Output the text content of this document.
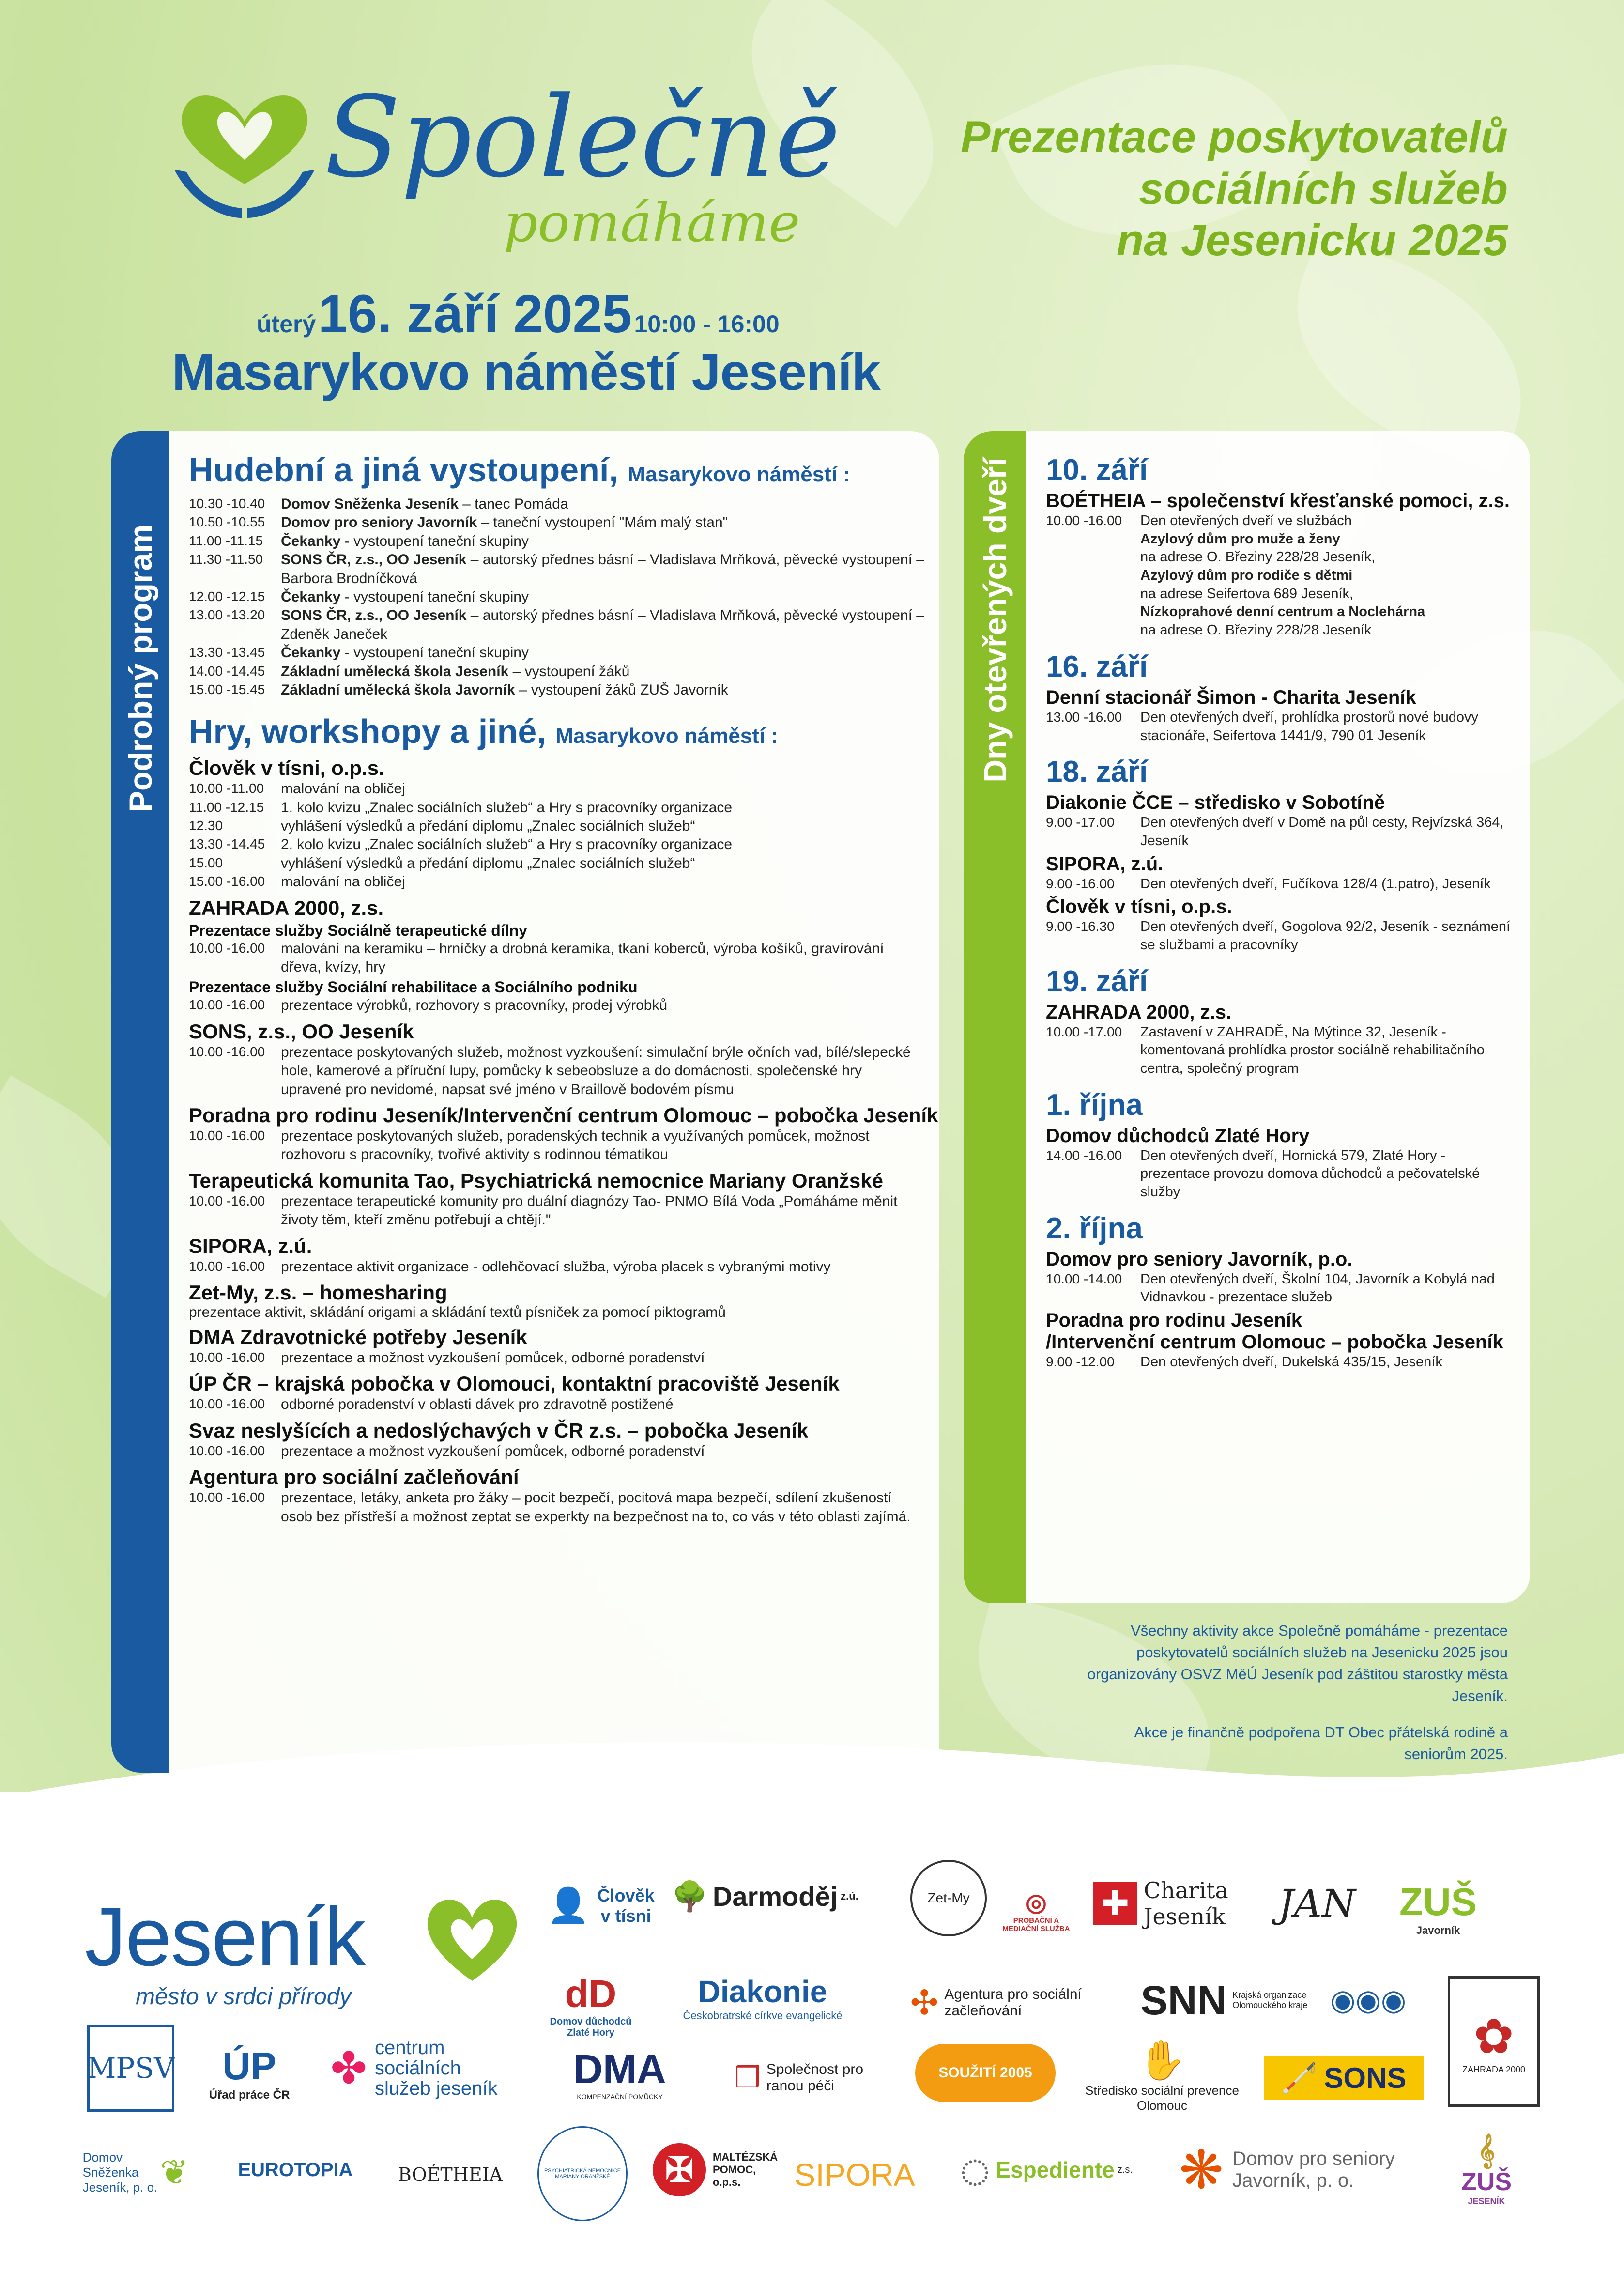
Společně
pomáháme
Prezentace poskytovatelů
sociálních služeb
na Jesenicku 2025
úterý 16. září 2025 10:00 - 16:00
Masarykovo náměstí Jeseník
Podrobný program
Hudební a jiná vystoupení, Masarykovo náměstí :
10.30 -10.40	Domov Sněženka Jeseník – tanec Pomáda
10.50 -10.55	Domov pro seniory Javorník – taneční vystoupení "Mám malý stan"
11.00 -11.15	Čekanky - vystoupení taneční skupiny
11.30 -11.50	SONS ČR, z.s., OO Jeseník – autorský přednes básní – Vladislava Mrňková, pěvecké vystoupení – Barbora Brodníčková
12.00 -12.15	Čekanky - vystoupení taneční skupiny
13.00 -13.20	SONS ČR, z.s., OO Jeseník – autorský přednes básní – Vladislava Mrňková, pěvecké vystoupení – Zdeněk Janeček
13.30 -13.45	Čekanky - vystoupení taneční skupiny
14.00 -14.45	Základní umělecká škola Jeseník – vystoupení žáků
15.00 -15.45	Základní umělecká škola Javorník – vystoupení žáků ZUŠ Javorník
Hry, workshopy a jiné, Masarykovo náměstí :
Člověk v tísni, o.p.s.
10.00 -11.00	malování na obličej
11.00 -12.15	1. kolo kvizu „Znalec sociálních služeb“ a Hry s pracovníky organizace
12.30	vyhlášení výsledků a předání diplomu „Znalec sociálních služeb“
13.30 -14.45	2. kolo kvizu „Znalec sociálních služeb“ a Hry s pracovníky organizace
15.00	vyhlášení výsledků a předání diplomu „Znalec sociálních služeb“
15.00 -16.00	malování na obličej
ZAHRADA 2000, z.s.
Prezentace služby Sociálně terapeutické dílny
10.00 -16.00	malování na keramiku – hrníčky a drobná keramika, tkaní koberců, výroba košíků, gravírování dřeva, kvízy, hry
Prezentace služby Sociální rehabilitace a Sociálního podniku
10.00 -16.00	prezentace výrobků, rozhovory s pracovníky, prodej výrobků
SONS, z.s., OO Jeseník
10.00 -16.00	prezentace poskytovaných služeb, možnost vyzkoušení: simulační brýle očních vad, bílé/slepecké hole, kamerové a příruční lupy, pomůcky k sebeobsluze a do domácnosti, společenské hry upravené pro nevidomé, napsat své jméno v Braillově bodovém písmu
Poradna pro rodinu Jeseník/Intervenční centrum Olomouc – pobočka Jeseník
10.00 -16.00	prezentace poskytovaných služeb, poradenských technik a využívaných pomůcek, možnost rozhovoru s pracovníky, tvořivé aktivity s rodinnou tématikou
Terapeutická komunita Tao, Psychiatrická nemocnice Mariany Oranžské
10.00 -16.00	prezentace terapeutické komunity pro duální diagnózy Tao- PNMO Bílá Voda „Pomáháme měnit životy těm, kteří změnu potřebují a chtějí."
SIPORA, z.ú.
10.00 -16.00	prezentace aktivit organizace - odlehčovací služba, výroba placek s vybranými motivy
Zet-My, z.s. – homesharing
prezentace aktivit, skládání origami a skládání textů písniček za pomocí piktogramů
DMA Zdravotnické potřeby Jeseník
10.00 -16.00	prezentace a možnost vyzkoušení pomůcek, odborné poradenství
ÚP ČR – krajská pobočka v Olomouci, kontaktní pracoviště Jeseník
10.00 -16.00	odborné poradenství v oblasti dávek pro zdravotně postižené
Svaz neslyšících a nedoslýchavých v ČR z.s. – pobočka Jeseník
10.00 -16.00	prezentace a možnost vyzkoušení pomůcek, odborné poradenství
Agentura pro sociální začleňování
10.00 -16.00	prezentace, letáky, anketa pro žáky – pocit bezpečí, pocitová mapa bezpečí, sdílení zkušeností osob bez přístřeší a možnost zeptat se experkty na bezpečnost na to, co vás v této oblasti zajímá.
Dny otevřených dveří 10. září
BOÉTHEIA – společenství křesťanské pomoci, z.s.
10.00 -16.00	Den otevřených dveří ve službách
Azylový dům pro muže a ženy
na adrese O. Březiny 228/28 Jeseník,
Azylový dům pro rodiče s dětmi
na adrese Seifertova 689 Jeseník,
Nízkoprahové denní centrum a Noclehárna
na adrese O. Březiny 228/28 Jeseník
16. září
Denní stacionář Šimon - Charita Jeseník
13.00 -16.00	Den otevřených dveří, prohlídka prostorů nové budovy stacionáře, Seifertova 1441/9, 790 01 Jeseník
18. září
Diakonie ČCE – středisko v Sobotíně
9.00 -17.00	Den otevřených dveří v Domě na půl cesty, Rejvízská 364, Jeseník
SIPORA, z.ú.
9.00 -16.00	Den otevřených dveří, Fučíkova 128/4 (1.patro), Jeseník
Člověk v tísni, o.p.s.
9.00 -16.30	Den otevřených dveří, Gogolova 92/2, Jeseník - seznámení se službami a pracovníky
19. září
ZAHRADA 2000, z.s.
10.00 -17.00	Zastavení v ZAHRADĚ, Na Mýtince 32, Jeseník - komentovaná prohlídka prostor sociálně rehabilitačního centra, společný program
1. října
Domov důchodců Zlaté Hory
14.00 -16.00	Den otevřených dveří, Hornická 579, Zlaté Hory - prezentace provozu domova důchodců a pečovatelské služby
2. října
Domov pro seniory Javorník, p.o.
10.00 -14.00	Den otevřených dveří, Školní 104, Javorník a Kobylá nad Vidnavkou - prezentace služeb
Poradna pro rodinu Jeseník
/Intervenční centrum Olomouc – pobočka Jeseník
9.00 -12.00	Den otevřených dveří, Dukelská 435/15, Jeseník

Všechny aktivity akce Společně pomáháme - prezentace poskytovatelů sociálních služeb na Jesenicku 2025 jsou organizovány OSVZ MěÚ Jeseník pod záštitou starostky města Jeseník.

Akce je finančně podpořena DT Obec přátelská rodině a seniorům 2025.

Jeseník
město v srdci přírody
👤 Člověk v tísni
🌳 Darmoděj z.ú.	Zet-My ◎
PROBAČNÍ A MEDIAČNÍ SLUŽBA
✚ Charita Jeseník	JAN ZUŠ
Javorník
dD
Domov důchodců Zlaté Hory
Diakonie
Českobratrské církve evangelické ✣ Agentura pro sociální začleňování	SNN Krajská organizace Olomouckého kraje ◉◉◉
✿
ZAHRADA 2000
MPSV ÚP
Úřad práce ČR
✤ centrum
sociálních
služeb jeseník DMA
KOMPENZAČNÍ POMŮCKY
❒ Společnost pro ranou péči
SOUŽITÍ 2005	✋
Středisko sociální prevence Olomouc
🦯 SONS
Domov Sněženka Jeseník, p. o. ❦	EUROTOPIA BOÉTHEIA	PSYCHIATRICKÁ NEMOCNICE MARIANY ORANŽSKÉ	✠	MALTÉZSKÁ POMOC, o.p.s.	SIPORA ◌ Espediente z.s. ❋ Domov pro seniory Javorník, p. o.
𝄞
ZUŠ
JESENÍK
